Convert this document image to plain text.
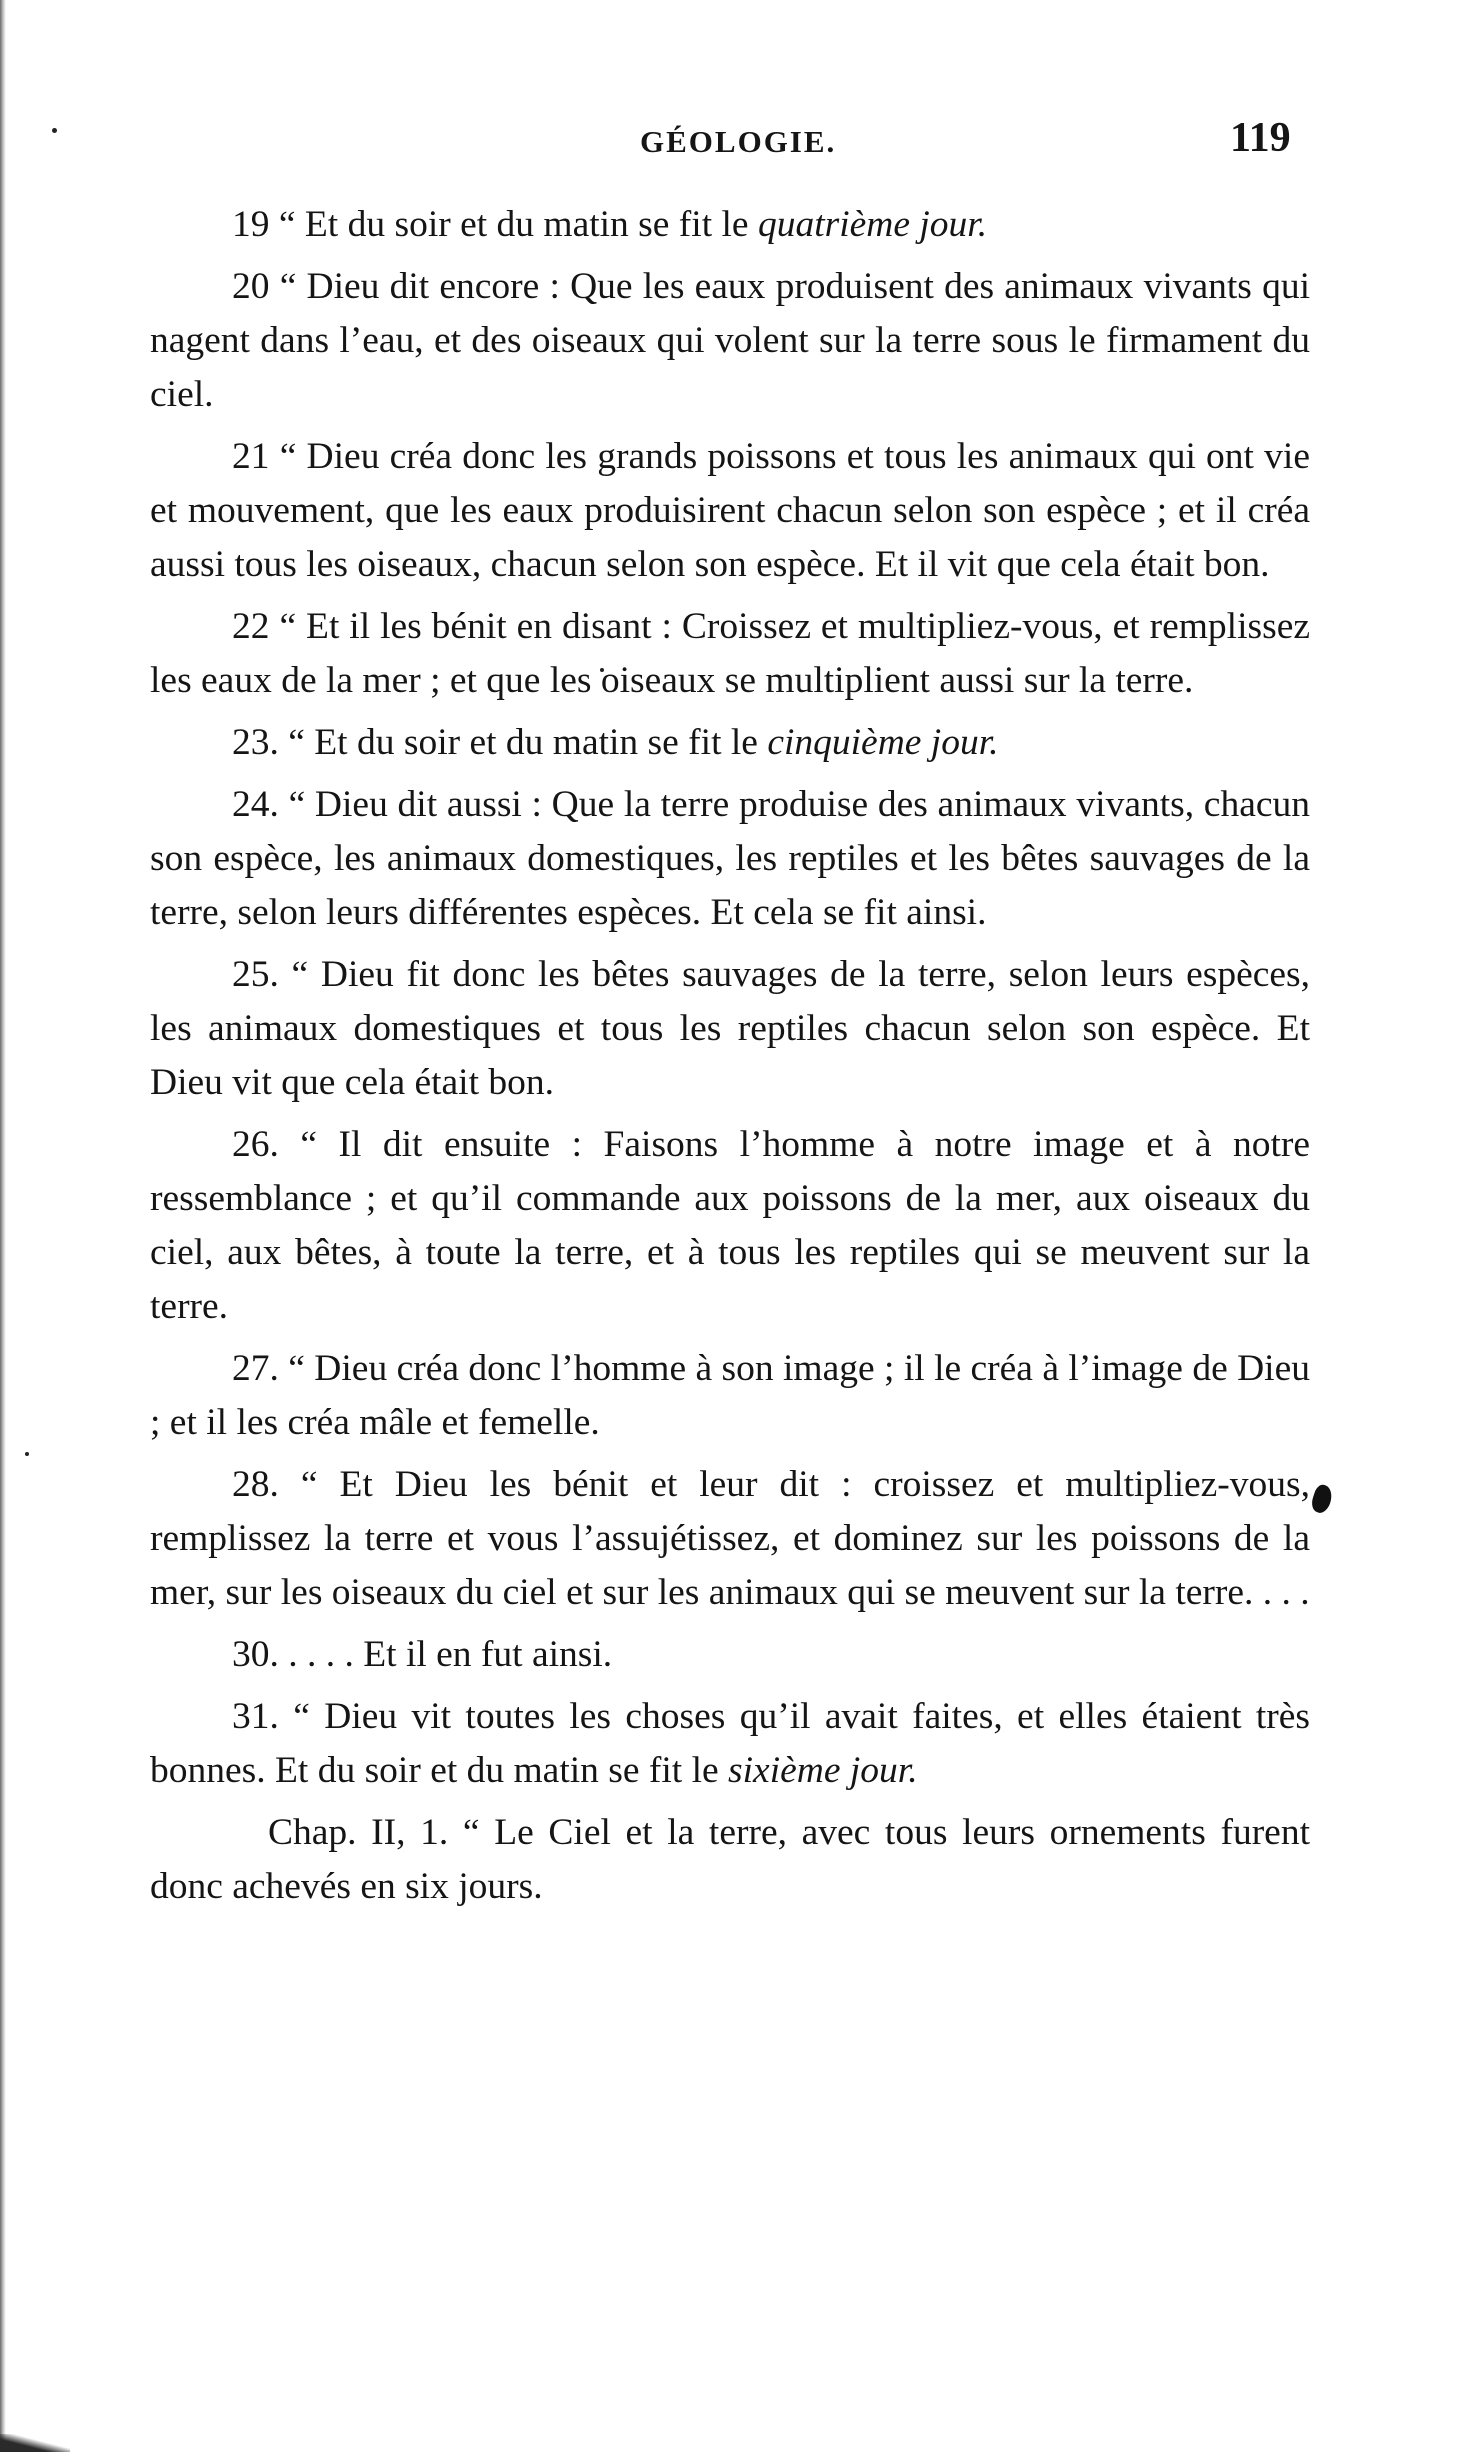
GÉOLOGIE.	119

19 “ Et du soir et du matin se fit le quatrième jour.

20 “ Dieu dit encore : Que les eaux produisent des animaux vivants qui nagent dans l’eau, et des oiseaux qui volent sur la terre sous le firmament du ciel.

21 “ Dieu créa donc les grands poissons et tous les animaux qui ont vie et mouvement, que les eaux produisirent chacun selon son espèce ; et il créa aussi tous les oiseaux, chacun selon son espèce. Et il vit que cela était bon.

22 “ Et il les bénit en disant : Croissez et multipliez-vous, et remplissez les eaux de la mer ; et que les oiseaux se multiplient aussi sur la terre.

23. “ Et du soir et du matin se fit le cinquième jour.

24. “ Dieu dit aussi : Que la terre produise des animaux vivants, chacun son espèce, les animaux domestiques, les reptiles et les bêtes sauvages de la terre, selon leurs différentes espèces. Et cela se fit ainsi.

25. “ Dieu fit donc les bêtes sauvages de la terre, selon leurs espèces, les animaux domestiques et tous les reptiles chacun selon son espèce. Et Dieu vit que cela était bon.

26. “ Il dit ensuite : Faisons l’homme à notre image et à notre ressemblance ; et qu’il commande aux poissons de la mer, aux oiseaux du ciel, aux bêtes, à toute la terre, et à tous les reptiles qui se meuvent sur la terre.

27. “ Dieu créa donc l’homme à son image ; il le créa à l’image de Dieu ; et il les créa mâle et femelle.

28. “ Et Dieu les bénit et leur dit : croissez et multipliez-vous, remplissez la terre et vous l’assujétissez, et dominez sur les poissons de la mer, sur les oiseaux du ciel et sur les animaux qui se meuvent sur la terre. . . .

30. . . . . Et il en fut ainsi.

31. “ Dieu vit toutes les choses qu’il avait faites, et elles étaient très bonnes. Et du soir et du matin se fit le sixième jour.

Chap. II, 1. “ Le Ciel et la terre, avec tous leurs ornements furent donc achevés en six jours.
